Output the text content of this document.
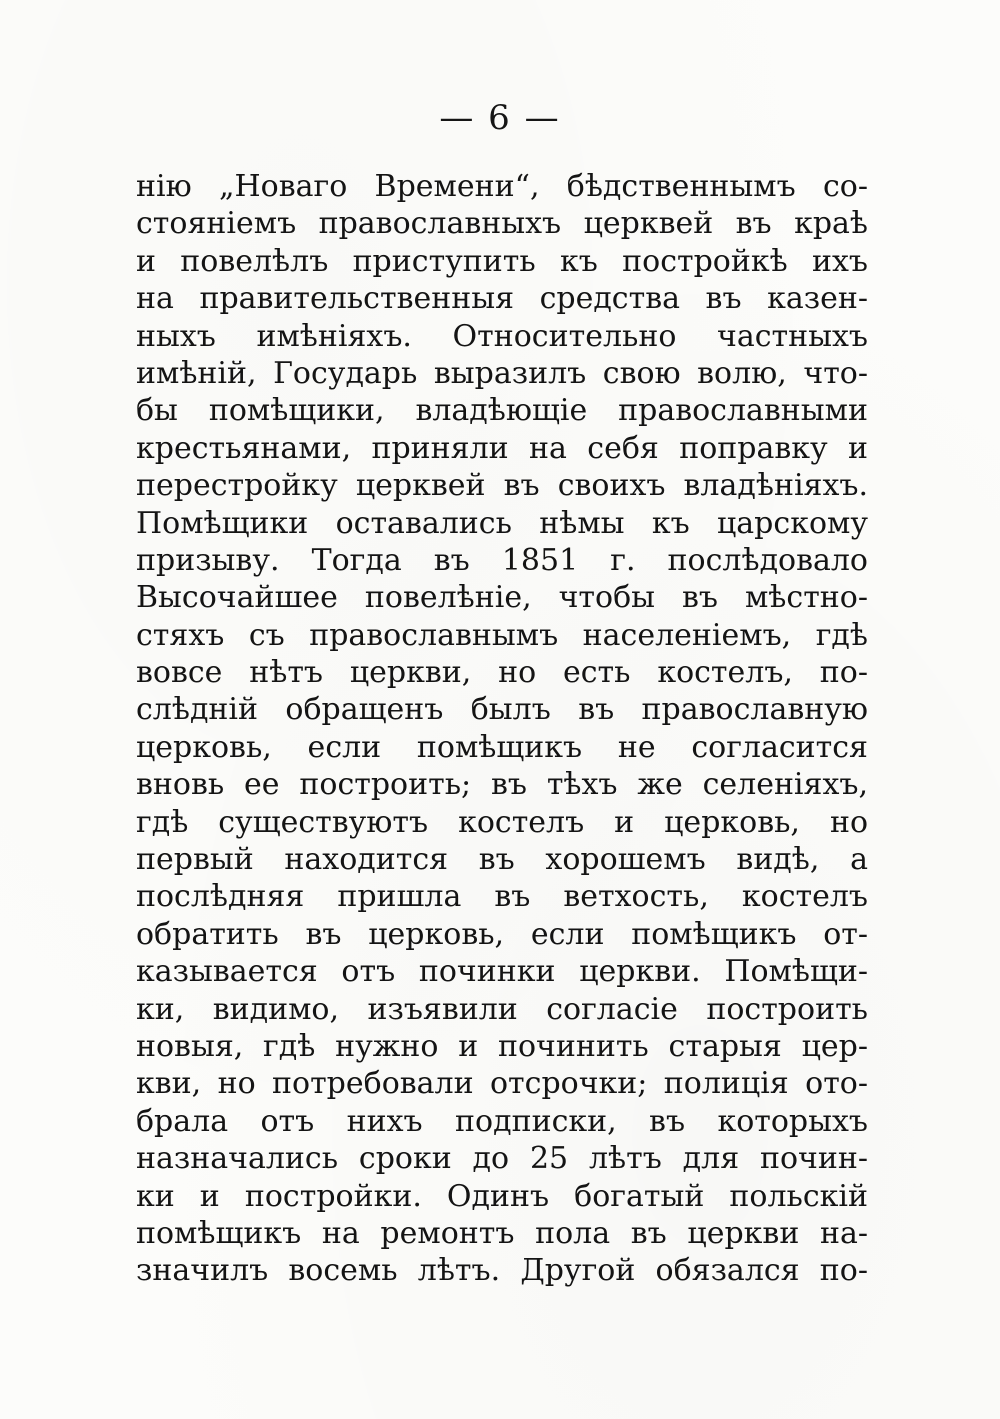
— 6 —
нію „Новаго Времени“, бѣдственнымъ со-
стояніемъ православныхъ церквей въ краѣ
и повелѣлъ приступить къ постройкѣ ихъ
на правительственныя средства въ казен-
ныхъ имѣніяхъ. Относительно частныхъ
имѣній, Государь выразилъ свою волю, что-
бы помѣщики, владѣющіе православными
крестьянами, приняли на себя поправку и
перестройку церквей въ своихъ владѣніяхъ.
Помѣщики оставались нѣмы къ царскому
призыву. Тогда въ 1851 г. послѣдовало
Высочайшее повелѣніе, чтобы въ мѣстно-
стяхъ съ православнымъ населеніемъ, гдѣ
вовсе нѣтъ церкви, но есть костелъ, по-
слѣдній обращенъ былъ въ православную
церковь, если помѣщикъ не согласится
вновь ее построить; въ тѣхъ же селеніяхъ,
гдѣ существуютъ костелъ и церковь, но
первый находится въ хорошемъ видѣ, а
послѣдняя пришла въ ветхость, костелъ
обратить въ церковь, если помѣщикъ от-
казывается отъ починки церкви. Помѣщи-
ки, видимо, изъявили согласіе построить
новыя, гдѣ нужно и починить старыя цер-
кви, но потребовали отсрочки; полиція ото-
брала отъ нихъ подписки, въ которыхъ
назначались сроки до 25 лѣтъ для почин-
ки и постройки. Одинъ богатый польскій
помѣщикъ на ремонтъ пола въ церкви на-
значилъ восемь лѣтъ. Другой обязался по-
